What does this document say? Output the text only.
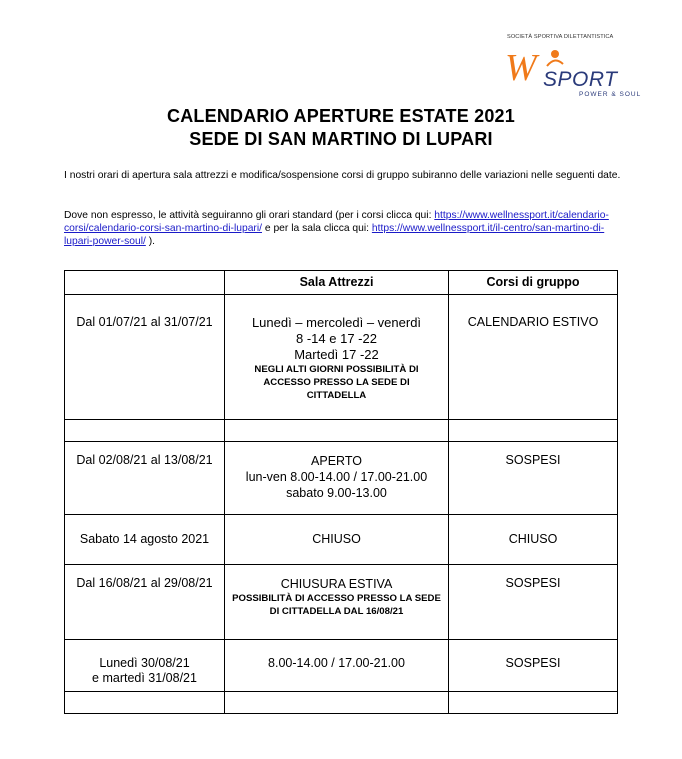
SOCIETÀ SPORTIVA DILETTANTISTICA
W SPORT
POWER & SOUL
CALENDARIO APERTURE ESTATE 2021
SEDE DI SAN MARTINO DI LUPARI
I nostri orari di apertura sala attrezzi e modifica/sospensione corsi di gruppo subiranno delle variazioni nelle seguenti date.
Dove non espresso, le attività seguiranno gli orari standard (per i corsi clicca qui: https://www.wellnessport.it/calendario-corsi/calendario-corsi-san-martino-di-lupari/ e per la sala clicca qui: https://www.wellnessport.it/il-centro/san-martino-di-lupari-power-soul/ ).
	Sala Attrezzi	Corsi di gruppo
Dal 01/07/21 al 31/07/21	Lunedì – mercoledì – venerdì
8 -14 e 17 -22
Martedì 17 -22
NEGLI ALTI GIORNI POSSIBILITÀ DI ACCESSO PRESSO LA SEDE DI CITTADELLA	CALENDARIO ESTIVO

Dal 02/08/21 al 13/08/21	APERTO
lun-ven 8.00-14.00 / 17.00-21.00
sabato 9.00-13.00	SOSPESI
Sabato 14 agosto 2021	CHIUSO	CHIUSO
Dal 16/08/21 al 29/08/21	CHIUSURA ESTIVA
POSSIBILITÀ DI ACCESSO PRESSO LA SEDE DI CITTADELLA DAL 16/08/21	SOSPESI

Lunedì 30/08/21
e martedì 31/08/21	8.00-14.00 / 17.00-21.00	SOSPESI
